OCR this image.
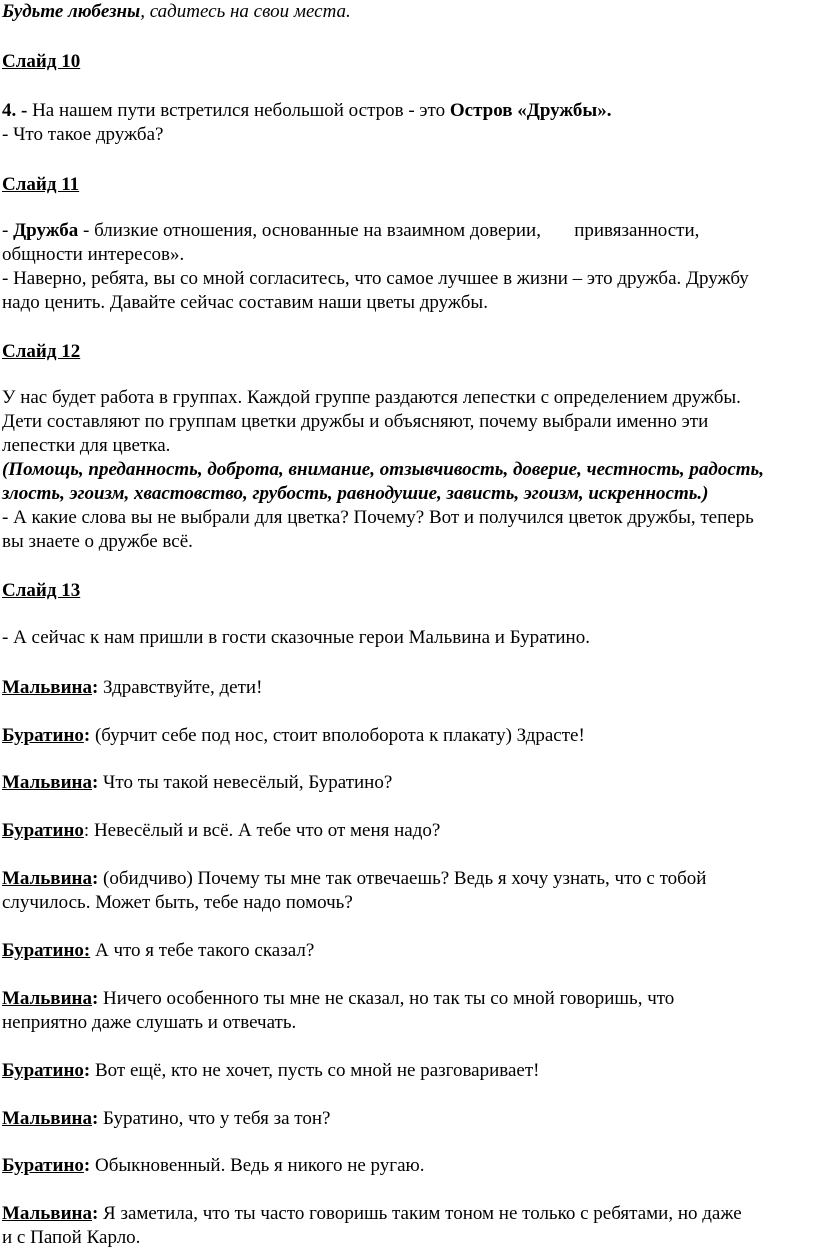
Будьте любезны, садитесь на свои места.

Слайд 10

4. - На нашем пути встретился небольшой остров - это Остров «Дружбы».

- Что такое дружба?

Слайд 11

- Дружба - близкие отношения, основанные на взаимном доверии,       привязанности,

общности интересов».

- Наверно, ребята, вы со мной согласитесь, что самое лучшее в жизни – это дружба. Дружбу

надо ценить. Давайте сейчас составим наши цветы дружбы.

Слайд 12

У нас будет работа в группах. Каждой группе раздаются лепестки с определением дружбы.

Дети составляют по группам цветки дружбы и объясняют, почему выбрали именно эти

лепестки для цветка.

(Помощь, преданность, доброта, внимание, отзывчивость, доверие, честность, радость,

злость, эгоизм, хвастовство, грубость, равнодушие, зависть, эгоизм, искренность.)

- А какие слова вы не выбрали для цветка? Почему? Вот и получился цветок дружбы, теперь

вы знаете о дружбе всё.

Слайд 13

- А сейчас к нам пришли в гости сказочные герои Мальвина и Буратино.

Мальвина: Здравствуйте, дети!

Буратино: (бурчит себе под нос, стоит вполоборота к плакату) Здрасте!

Мальвина: Что ты такой невесёлый, Буратино?

Буратино: Невесёлый и всё. А тебе что от меня надо?

Мальвина: (обидчиво) Почему ты мне так отвечаешь? Ведь я хочу узнать, что с тобой

случилось. Может быть, тебе надо помочь?

Буратино: А что я тебе такого сказал?

Мальвина: Ничего особенного ты мне не сказал, но так ты со мной говоришь, что

неприятно даже слушать и отвечать.

Буратино: Вот ещё, кто не хочет, пусть со мной не разговаривает!

Мальвина: Буратино, что у тебя за тон?

Буратино: Обыкновенный. Ведь я никого не ругаю.

Мальвина: Я заметила, что ты часто говоришь таким тоном не только с ребятами, но даже

и с Папой Карло.
